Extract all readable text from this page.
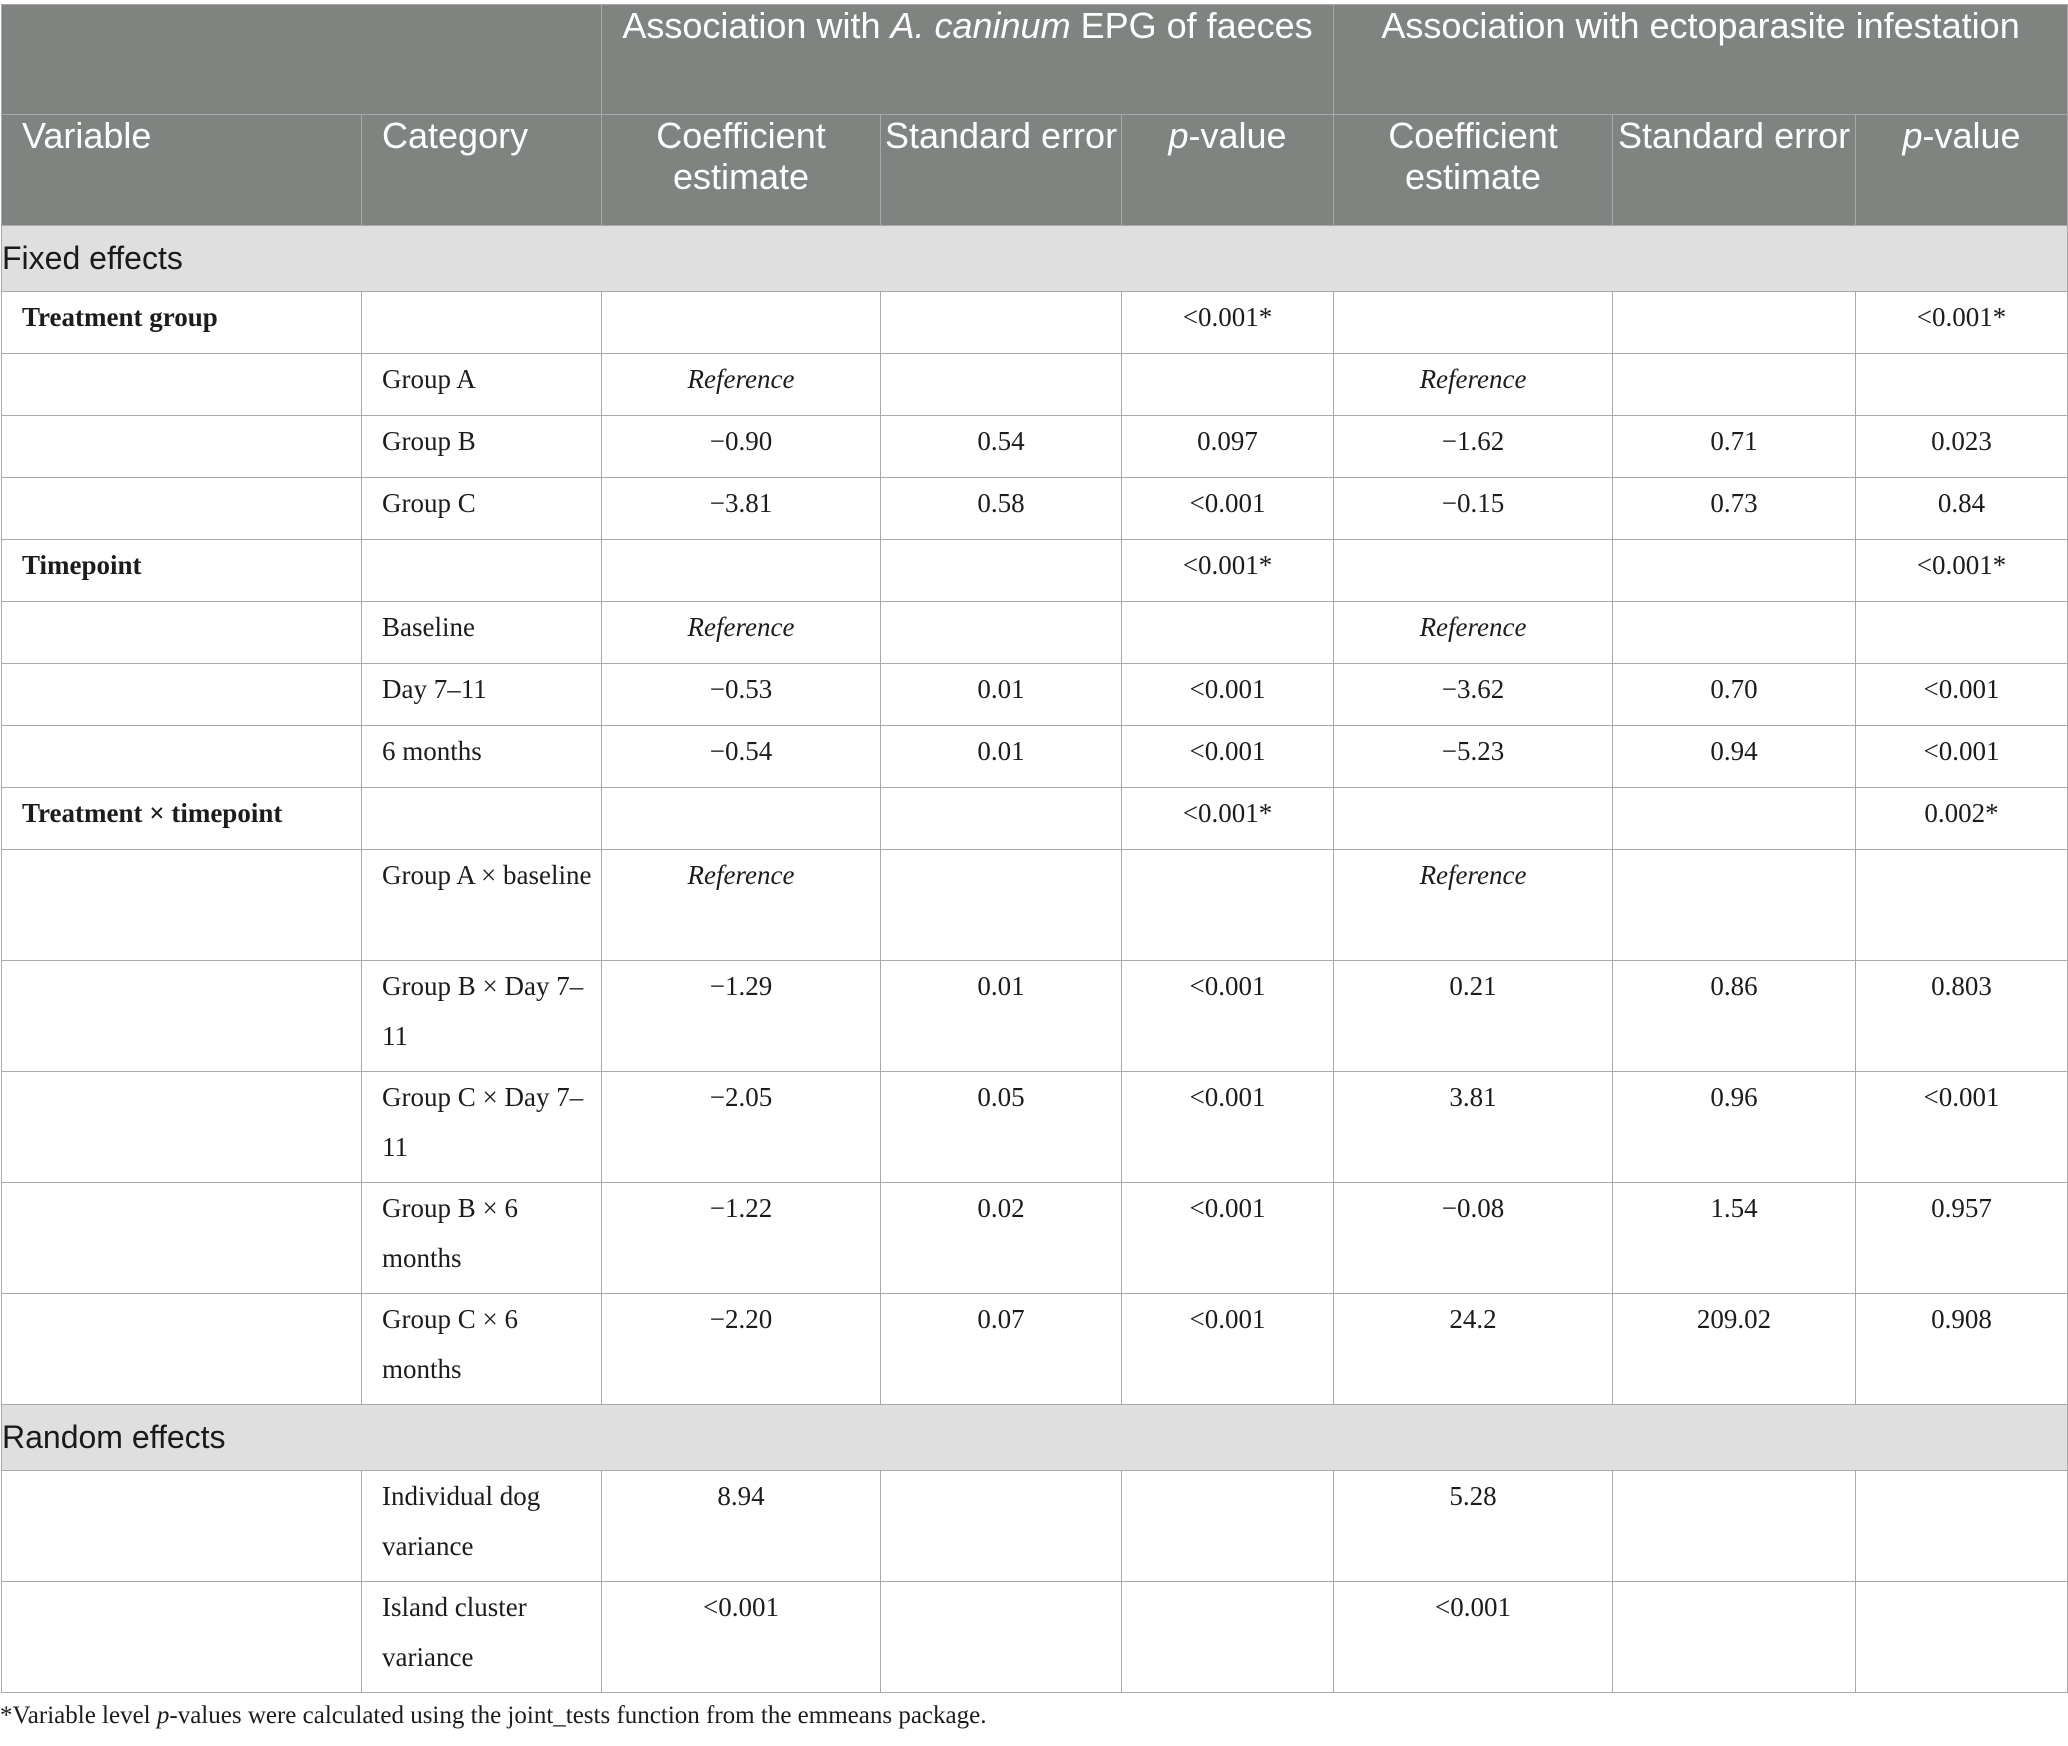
		Association with A. caninum EPG of faeces			Association with ectoparasite infestation		
Variable	Category	Coefficient estimate	Standard error	p-value	Coefficient estimate	Standard error	p-value
Fixed effects							
Treatment group				<0.001*			<0.001*
	Group A	Reference			Reference		
	Group B	−0.90	0.54	0.097	−1.62	0.71	0.023
	Group C	−3.81	0.58	<0.001	−0.15	0.73	0.84
Timepoint				<0.001*			<0.001*
	Baseline	Reference			Reference		
	Day 7–11	−0.53	0.01	<0.001	−3.62	0.70	<0.001
	6 months	−0.54	0.01	<0.001	−5.23	0.94	<0.001
Treatment × timepoint				<0.001*			0.002*
	Group A × baseline	Reference			Reference		
	Group B × Day 7–11	−1.29	0.01	<0.001	0.21	0.86	0.803
	Group C × Day 7–11	−2.05	0.05	<0.001	3.81	0.96	<0.001
	Group B × 6 months	−1.22	0.02	<0.001	−0.08	1.54	0.957
	Group C × 6 months	−2.20	0.07	<0.001	24.2	209.02	0.908
Random effects							
	Individual dog variance	8.94			5.28		
	Island cluster variance	<0.001			<0.001		
*Variable level p-values were calculated using the joint_tests function from the emmeans package.
